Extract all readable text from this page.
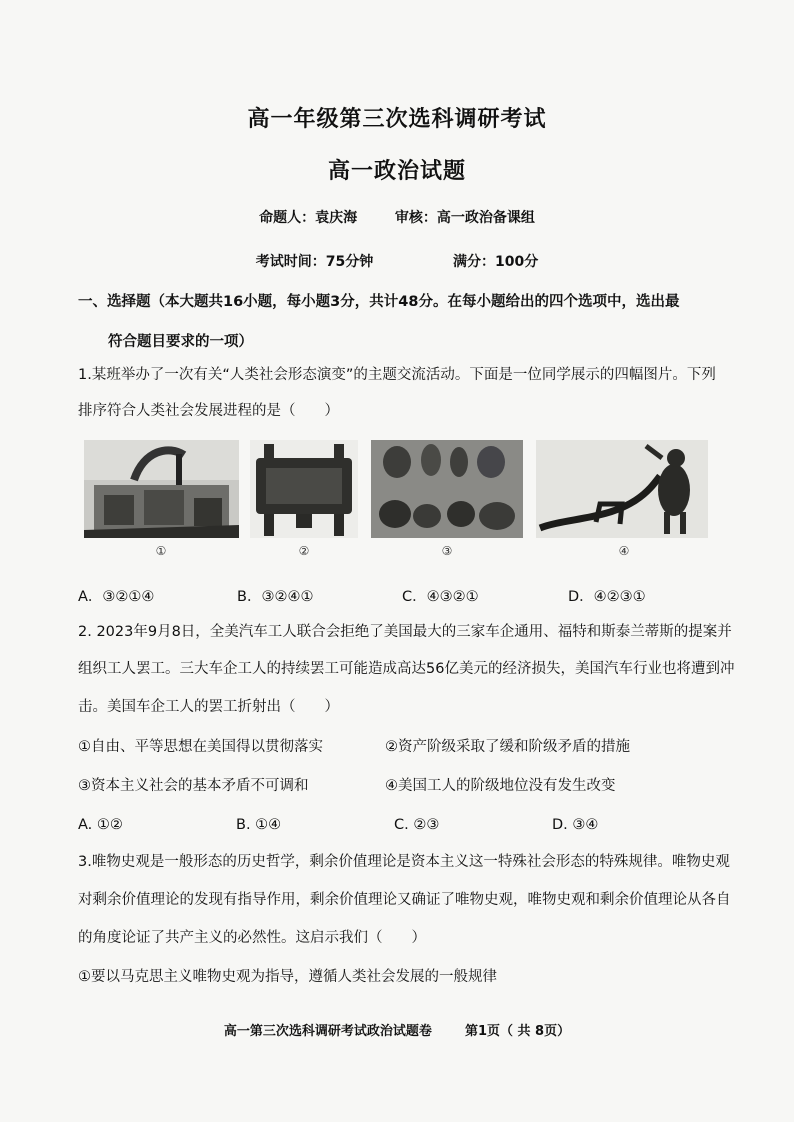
高一年级第三次选科调研考试
高一政治试题
命题人：袁庆海	审核：高一政治备课组
考试时间：75分钟	满分：100分
一、选择题（本大题共16小题，每小题3分，共计48分。在每小题给出的四个选项中，选出最
符合题目要求的一项）
1.某班举办了一次有关“人类社会形态演变”的主题交流活动。下面是一位同学展示的四幅图片。下列
排序符合人类社会发展进程的是（　　）
①	②	③	④
A．③②①④	B．③②④①	C．④③②①	D．④②③①
2. 2023年9月8日，全美汽车工人联合会拒绝了美国最大的三家车企通用、福特和斯泰兰蒂斯的提案并
组织工人罢工。三大车企工人的持续罢工可能造成高达56亿美元的经济损失，美国汽车行业也将遭到冲
击。美国车企工人的罢工折射出（　　）
①自由、平等思想在美国得以贯彻落实	②资产阶级采取了缓和阶级矛盾的措施
③资本主义社会的基本矛盾不可调和	④美国工人的阶级地位没有发生改变
A. ①②	B. ①④	C. ②③	D. ③④
3.唯物史观是一般形态的历史哲学，剩余价值理论是资本主义这一特殊社会形态的特殊规律。唯物史观
对剩余价值理论的发现有指导作用，剩余价值理论又确证了唯物史观，唯物史观和剩余价值理论从各自
的角度论证了共产主义的必然性。这启示我们（　　）
①要以马克思主义唯物史观为指导，遵循人类社会发展的一般规律
高一第三次选科调研考试政治试题卷	第1页（ 共 8页）
